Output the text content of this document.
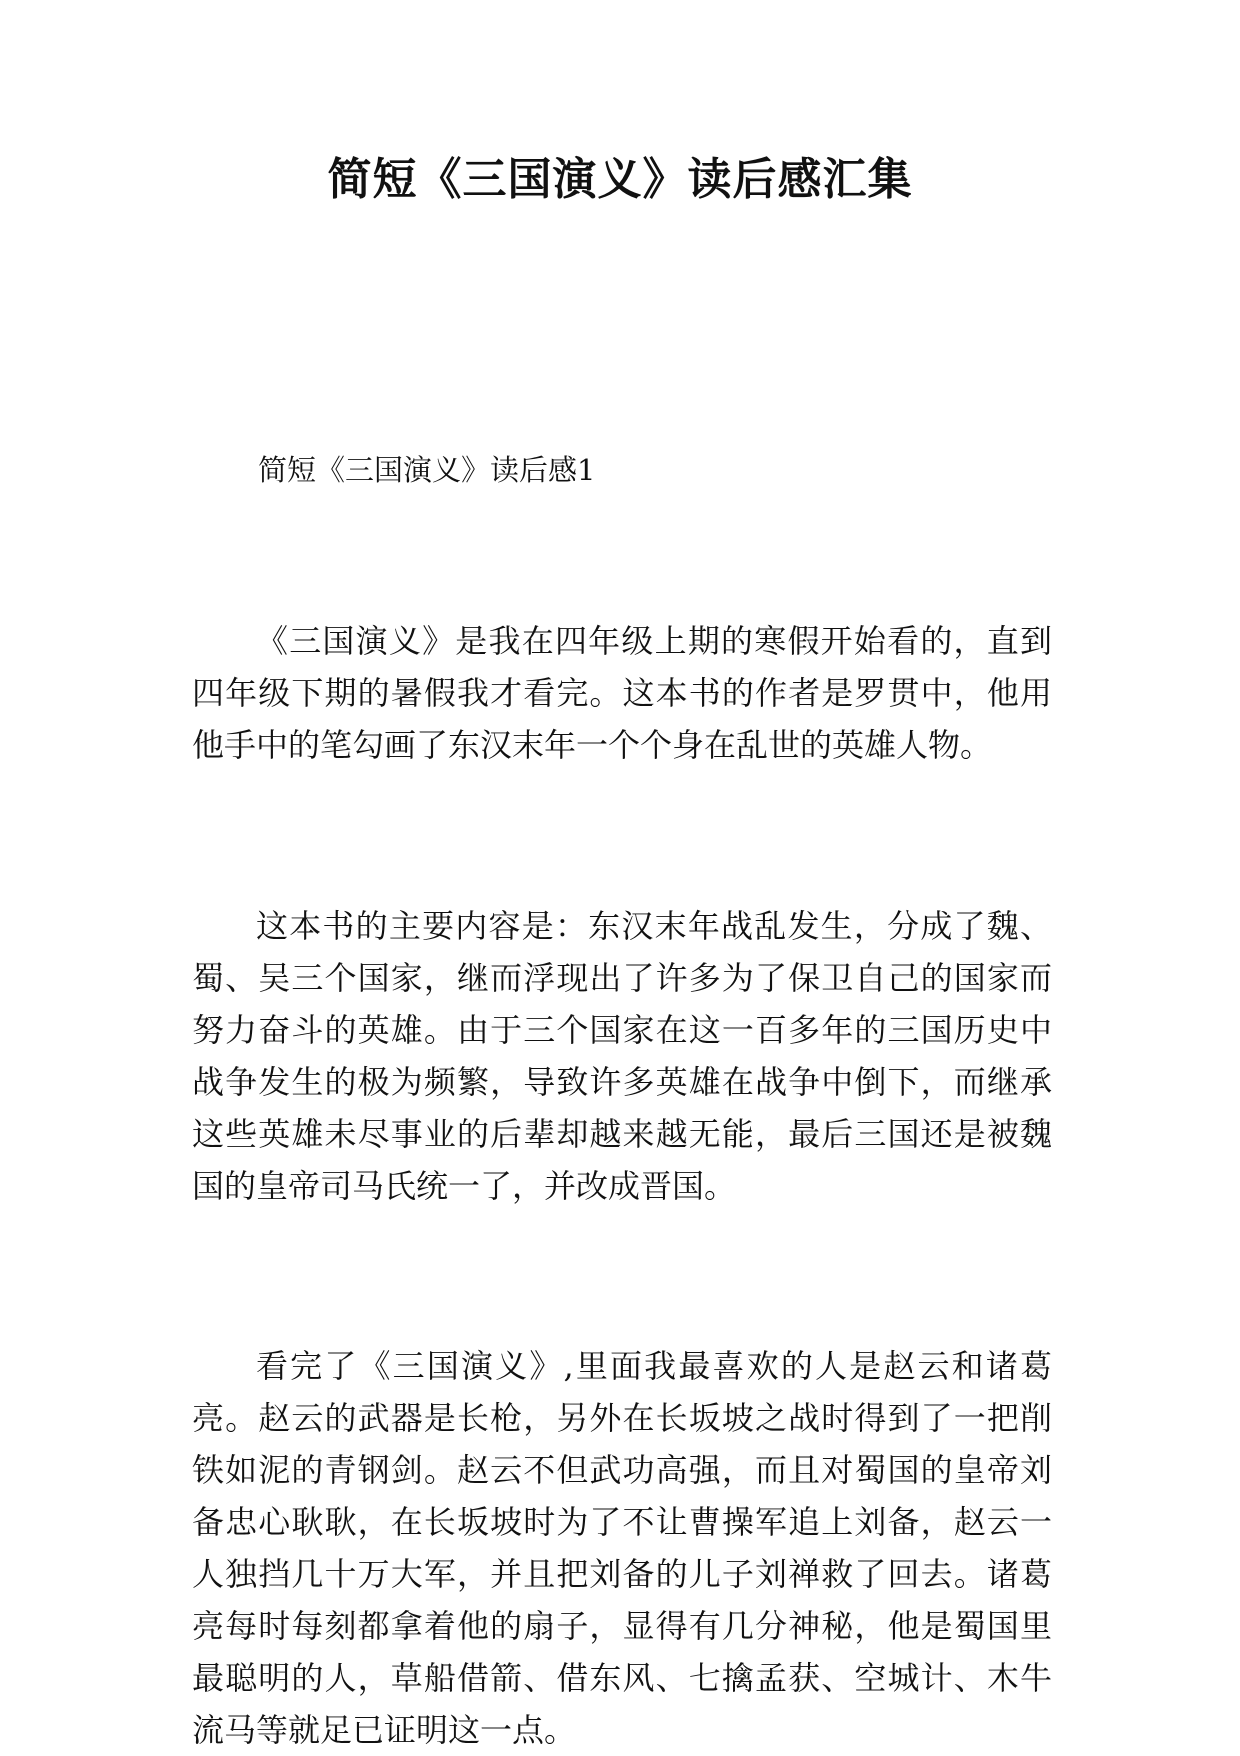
简短《三国演义》读后感汇集

简短《三国演义》读后感1

《三国演义》是我在四年级上期的寒假开始看的，直到四年级下期的暑假我才看完。这本书的作者是罗贯中，他用他手中的笔勾画了东汉末年一个个身在乱世的英雄人物。

这本书的主要内容是：东汉末年战乱发生，分成了魏、蜀、吴三个国家，继而浮现出了许多为了保卫自己的国家而努力奋斗的英雄。由于三个国家在这一百多年的三国历史中战争发生的极为频繁，导致许多英雄在战争中倒下，而继承这些英雄未尽事业的后辈却越来越无能，最后三国还是被魏国的皇帝司马氏统一了，并改成晋国。

看完了《三国演义》,里面我最喜欢的人是赵云和诸葛亮。赵云的武器是长枪，另外在长坂坡之战时得到了一把削铁如泥的青钢剑。赵云不但武功高强，而且对蜀国的皇帝刘备忠心耿耿，在长坂坡时为了不让曹操军追上刘备，赵云一人独挡几十万大军，并且把刘备的儿子刘禅救了回去。诸葛亮每时每刻都拿着他的扇子，显得有几分神秘，他是蜀国里最聪明的人，草船借箭、借东风、七擒孟获、空城计、木牛流马等就足已证明这一点。
